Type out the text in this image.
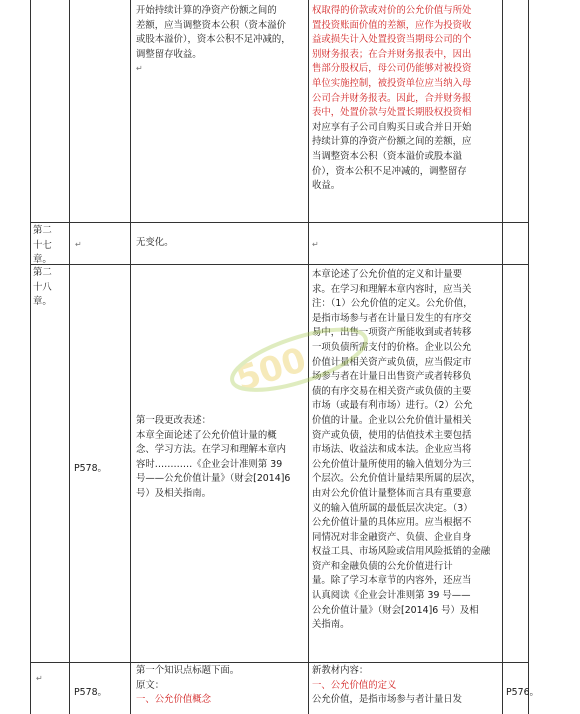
开始持续计算的净资产份额之间的
差额，应当调整资本公积（资本溢价
或股本溢价），资本公积不足冲减的，
调整留存收益。
↵
权取得的价款或对价的公允价值与所处
置投资账面价值的差额，应作为投资收
益或损失计入处置投资当期母公司的个
别财务报表；在合并财务报表中，因出
售部分股权后，母公司仍能够对被投资
单位实施控制，被投资单位应当纳入母
公司合并财务报表。因此，合并财务报
表中，处置价款与处置长期股权投资相
对应享有子公司自购买日或合并日开始
持续计算的净资产份额之间的差额，应
当调整资本公积（资本溢价或股本溢
价），资本公积不足冲减的，调整留存
收益。
第二
十七
章。
↵	无变化。	↵
第二
十八
章。
P578。
第一段更改表述：
本章全面论述了公允价值计量的概
念、学习方法。在学习和理解本章内
容时…………《企业会计准则第 39
号——公允价值计量》（财会[2014]6
号）及相关指南。
本章论述了公允价值的定义和计量要
求。在学习和理解本章内容时，应当关
注：（1）公允价值的定义。公允价值，
是指市场参与者在计量日发生的有序交
易中，出售一项资产所能收到或者转移
一项负债所需支付的价格。企业以公允
价值计量相关资产或负债，应当假定市
场参与者在计量日出售资产或者转移负
债的有序交易在相关资产或负债的主要
市场（或最有利市场）进行。（2）公允
价值的计量。企业以公允价值计量相关
资产或负债，使用的估值技术主要包括
市场法、收益法和成本法。企业应当将
公允价值计量所使用的输入值划分为三
个层次。公允价值计量结果所属的层次，
由对公允价值计量整体而言具有重要意
义的输入值所属的最低层次决定。（3）
公允价值计量的具体应用。应当根据不
同情况对非金融资产、负债、企业自身
权益工具、市场风险或信用风险抵销的金融
资产和金融负债的公允价值进行计
量。除了学习本章节的内容外，还应当
认真阅读《企业会计准则第 39 号——
公允价值计量》（财会[2014]6 号）及相
关指南。
500
↵
P578。
第一个知识点标题下面。
原文：
一、公允价值概念
新教材内容：
一、公允价值的定义
公允价值，是指市场参与者计量日发
P576。
